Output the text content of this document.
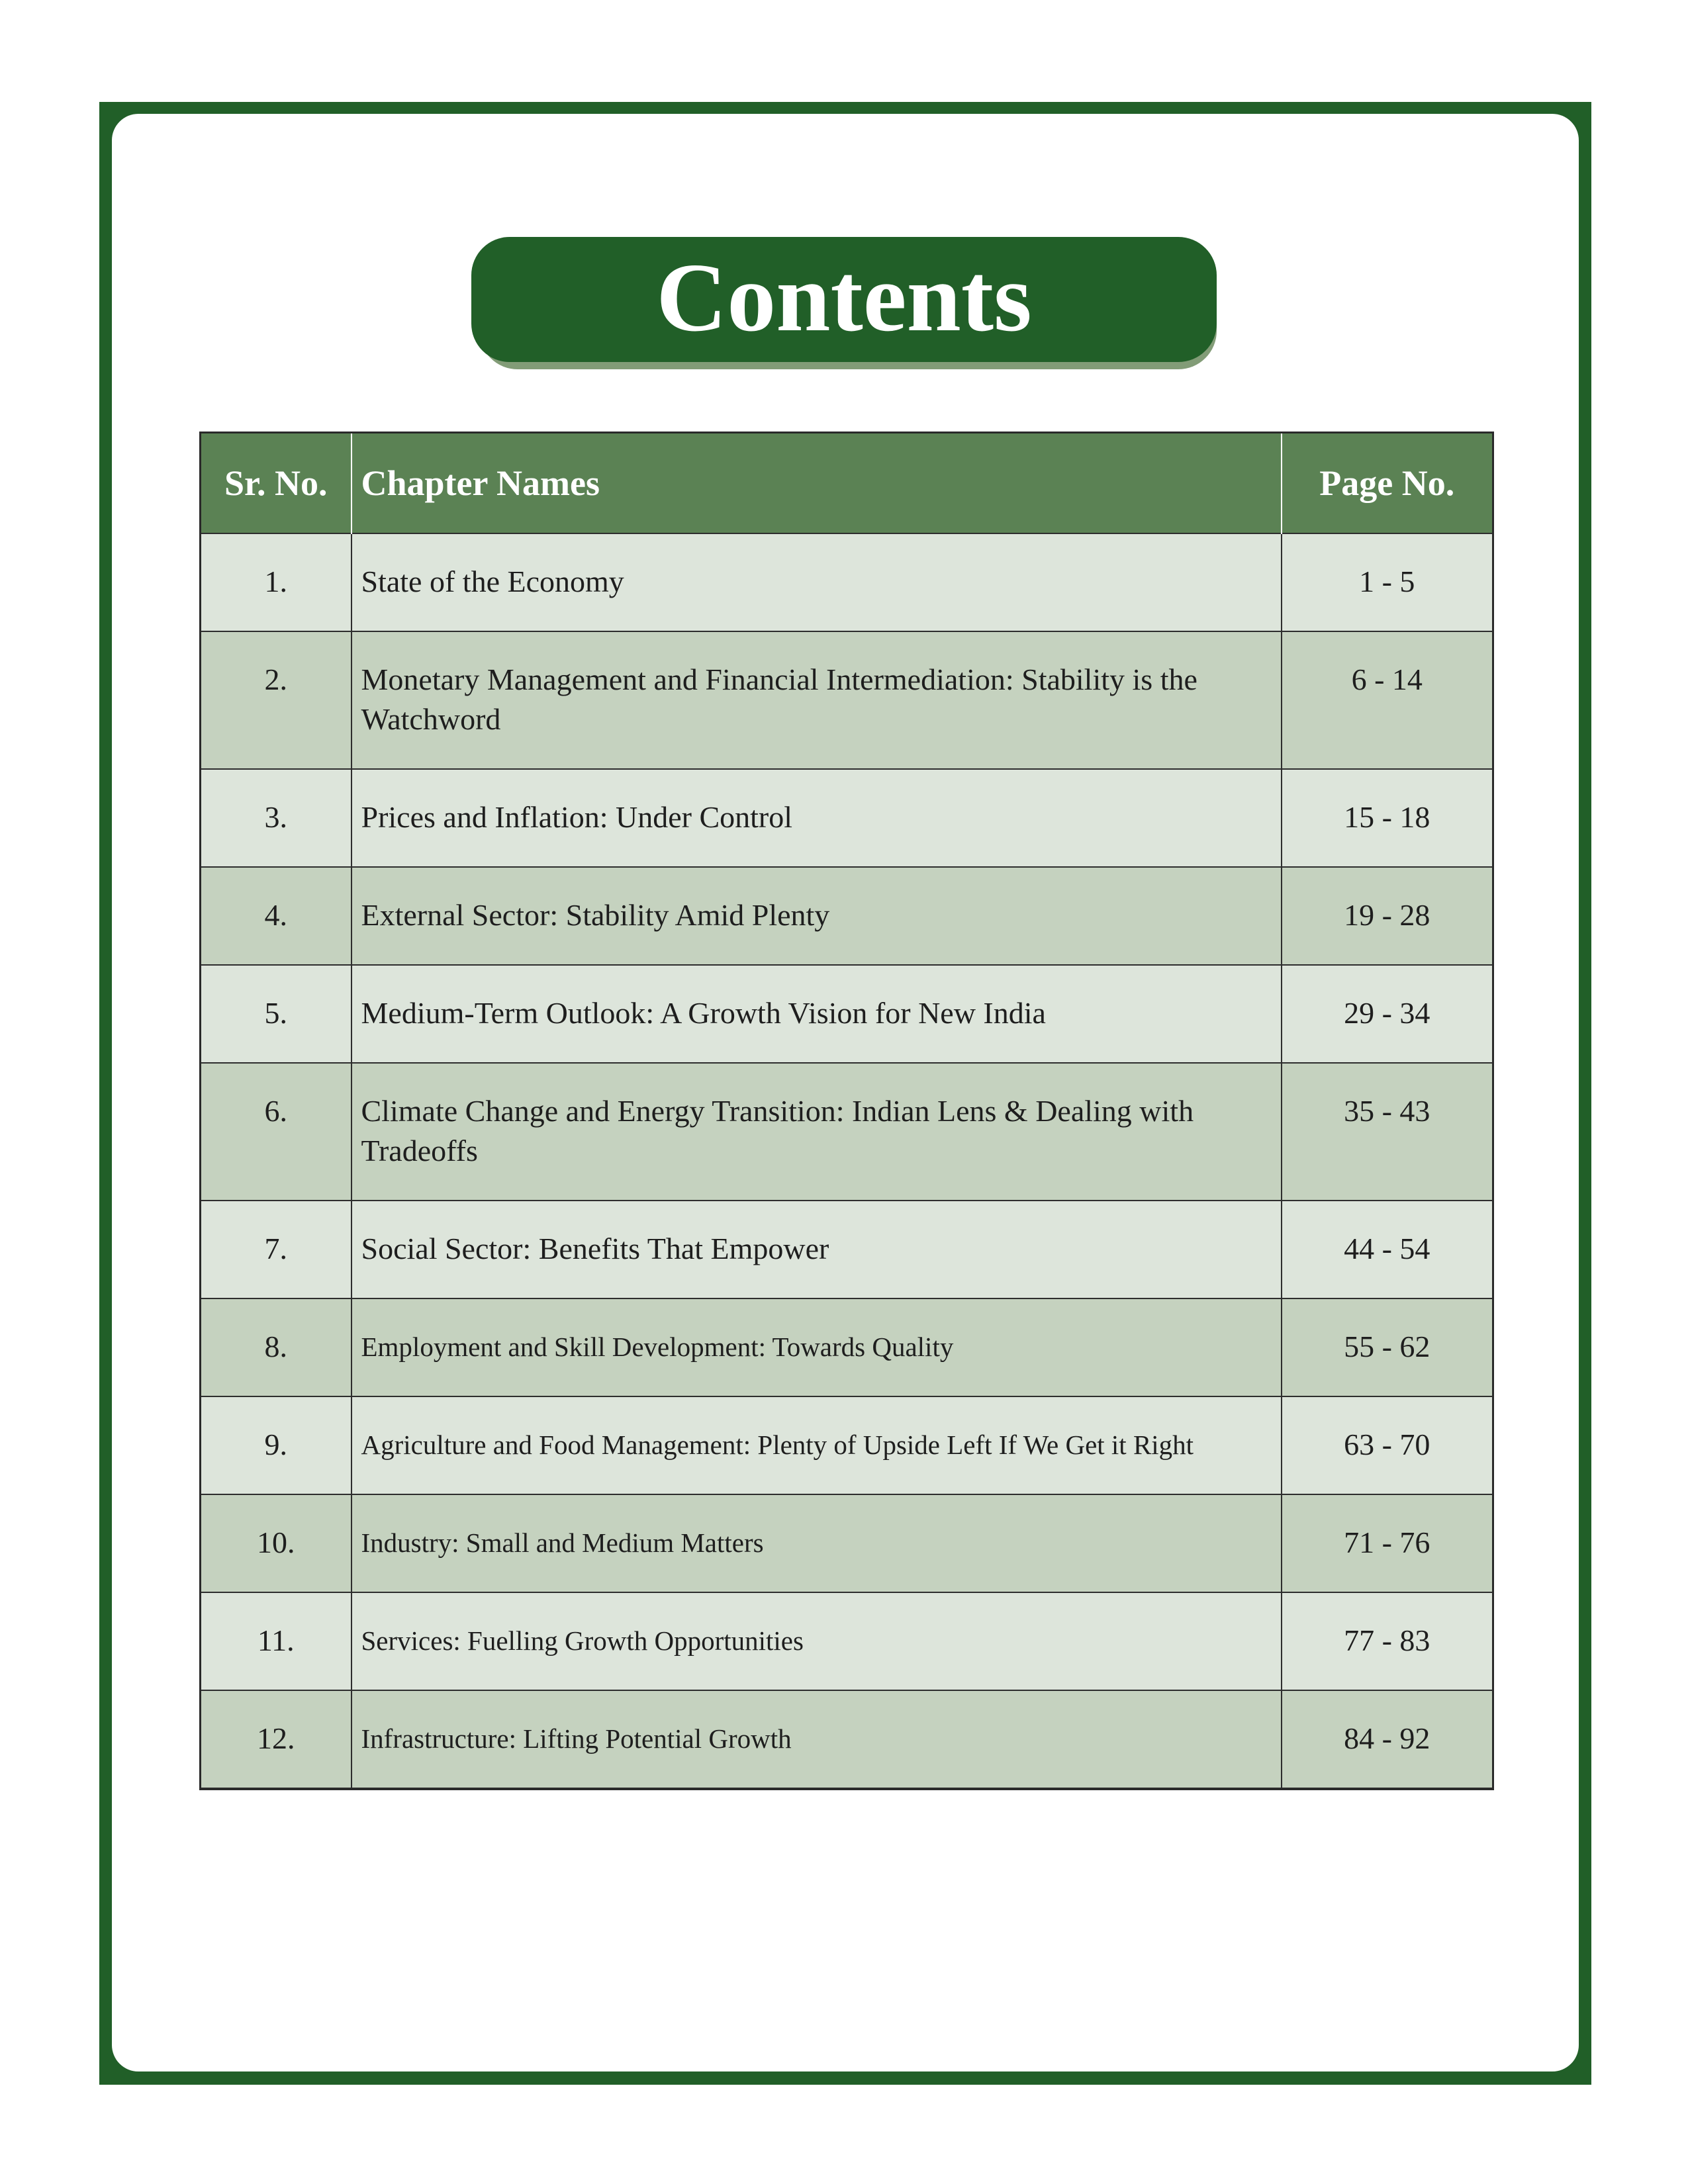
Contents
Sr. No.	Chapter Names	Page No.

1.	State of the Economy	1 - 5

2.	Monetary Management and Financial Intermediation: Stability is the Watchword	6 - 14

3.	Prices and Inflation: Under Control	15 - 18

4.	External Sector: Stability Amid Plenty	19 - 28

5.	Medium-Term Outlook: A Growth Vision for New India	29 - 34

6.	Climate Change and Energy Transition: Indian Lens & Dealing with Tradeoffs	35 - 43

7.	Social Sector: Benefits That Empower	44 - 54

8.	Employment and Skill Development: Towards Quality	55 - 62

9.	Agriculture and Food Management: Plenty of Upside Left If We Get it Right	63 - 70

10.	Industry: Small and Medium Matters	71 - 76

11.	Services: Fuelling Growth Opportunities	77 - 83

12.	Infrastructure: Lifting Potential Growth	84 - 92
